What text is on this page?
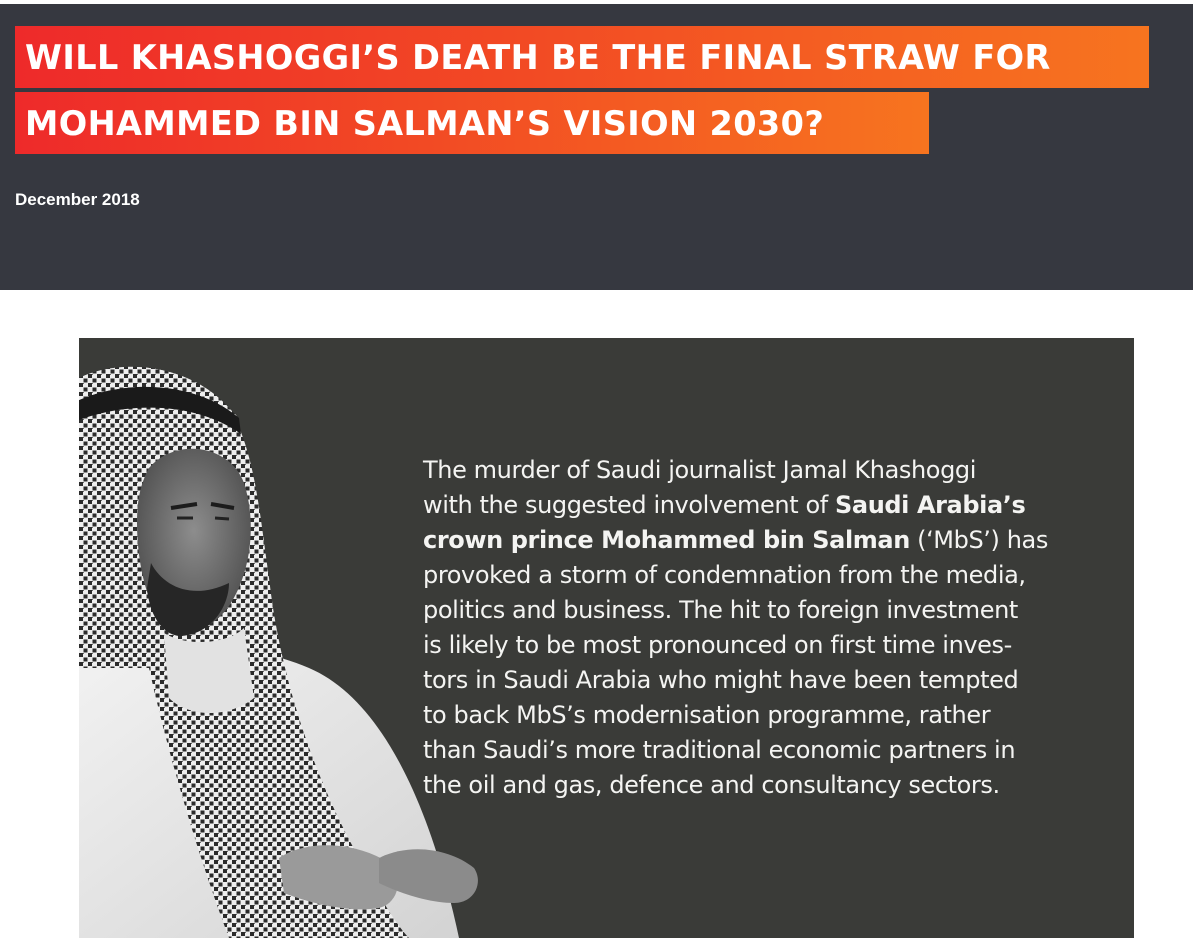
WILL KHASHOGGI’S DEATH BE THE FINAL STRAW FOR
MOHAMMED BIN SALMAN’S VISION 2030?
December 2018
The murder of Saudi journalist Jamal Khashoggi
with the suggested involvement of Saudi Arabia’s
crown prince Mohammed bin Salman (‘MbS’) has
provoked a storm of condemnation from the media,
politics and business. The hit to foreign investment
is likely to be most pronounced on first time inves-
tors in Saudi Arabia who might have been tempted
to back MbS’s modernisation programme, rather
than Saudi’s more traditional economic partners in
the oil and gas, defence and consultancy sectors.
